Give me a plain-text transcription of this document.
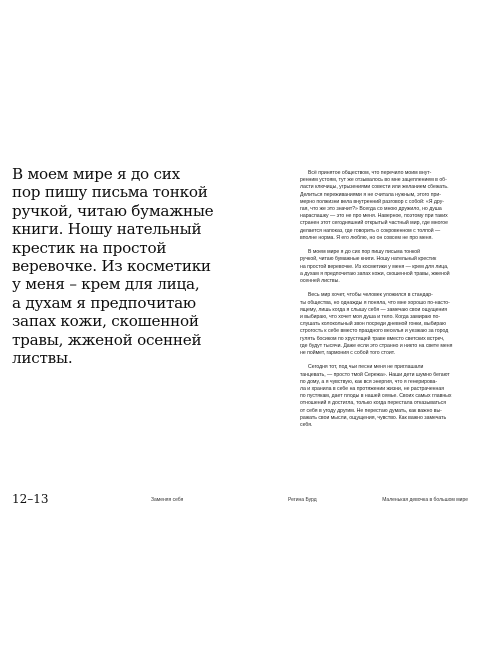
В моем мире я до сих
пор пишу письма тонкой
ручкой, читаю бумажные
книги. Ношу нательный
крестик на простой
веревочке. Из косметики
у меня – крем для лица,
а духам я предпочитаю
запах кожи, скошенной
травы, жженой осенней
листвы.
12–13	Заменяя себя

Всё принятое обществом, что перечило моим внут-
ренним устоям, тут же отзывалось во мне зацеплением в об-
ласти ключицы, угрызениями совести или желанием сбежать.
Делиться переживаниями я не считала нужным, этого при-
мерно полжизни вела внутренний разговор с собой: «Я дру-
гая, что же это значит?» Всегда со мною дружило, но душа
нараспашку — это не про меня. Наверное, поэтому при таких
странен этот сегодняшний открытый частный мир, где многое
делается напоказ, где говорить о сокровенном с толпой —
вполне норма. Я его люблю, но он совсем не про меня.

В моем мире я до сих пор пишу письма тонкой
ручкой, читаю бумажные книги. Ношу нательный крестик
на простой веревочке. Из косметики у меня — крем для лица,
а духам я предпочитаю запах кожи, скошенной травы, жженой
осенней листвы.

Весь мир хочет, чтобы человек уложился в стандар-
ты общества, но однажды я поняла, что мне хорошо по-насто-
ящему, лишь когда я слышу себя — замечаю свои ощущения
и выбираю, что хочет моя душа и тело. Когда замираю по-
слушать колокольный звон посреди дневной гонки, выбираю
строгость к себе вместо праздного веселья и уезжаю за город
гулять босиком по хрустящей траве вместо светских встреч,
где будут тысячи. Даже если это странно и никто на свете меня
не поймет, гармония с собой того стоит.

Сегодня тот, под чьи песни меня не приглашали
танцевать, — просто тмой Сережа». Наши дети шумно бегают
по дому, а я чувствую, как вся энергия, что я генерирова-
ла и хранила в себе на протяжении жизни, не растраченная
по пустякам, дает плоды в нашей семье. Своих самых главных
отношений я достигла, только когда перестала отказываться
от себя в угоду другим. Не перестаю думать, как важно вы-
ражать свои мысли, ощущения, чувство. Как важно замечать
себя.

Регина Бурд	Маленькая девочка в большом мире
